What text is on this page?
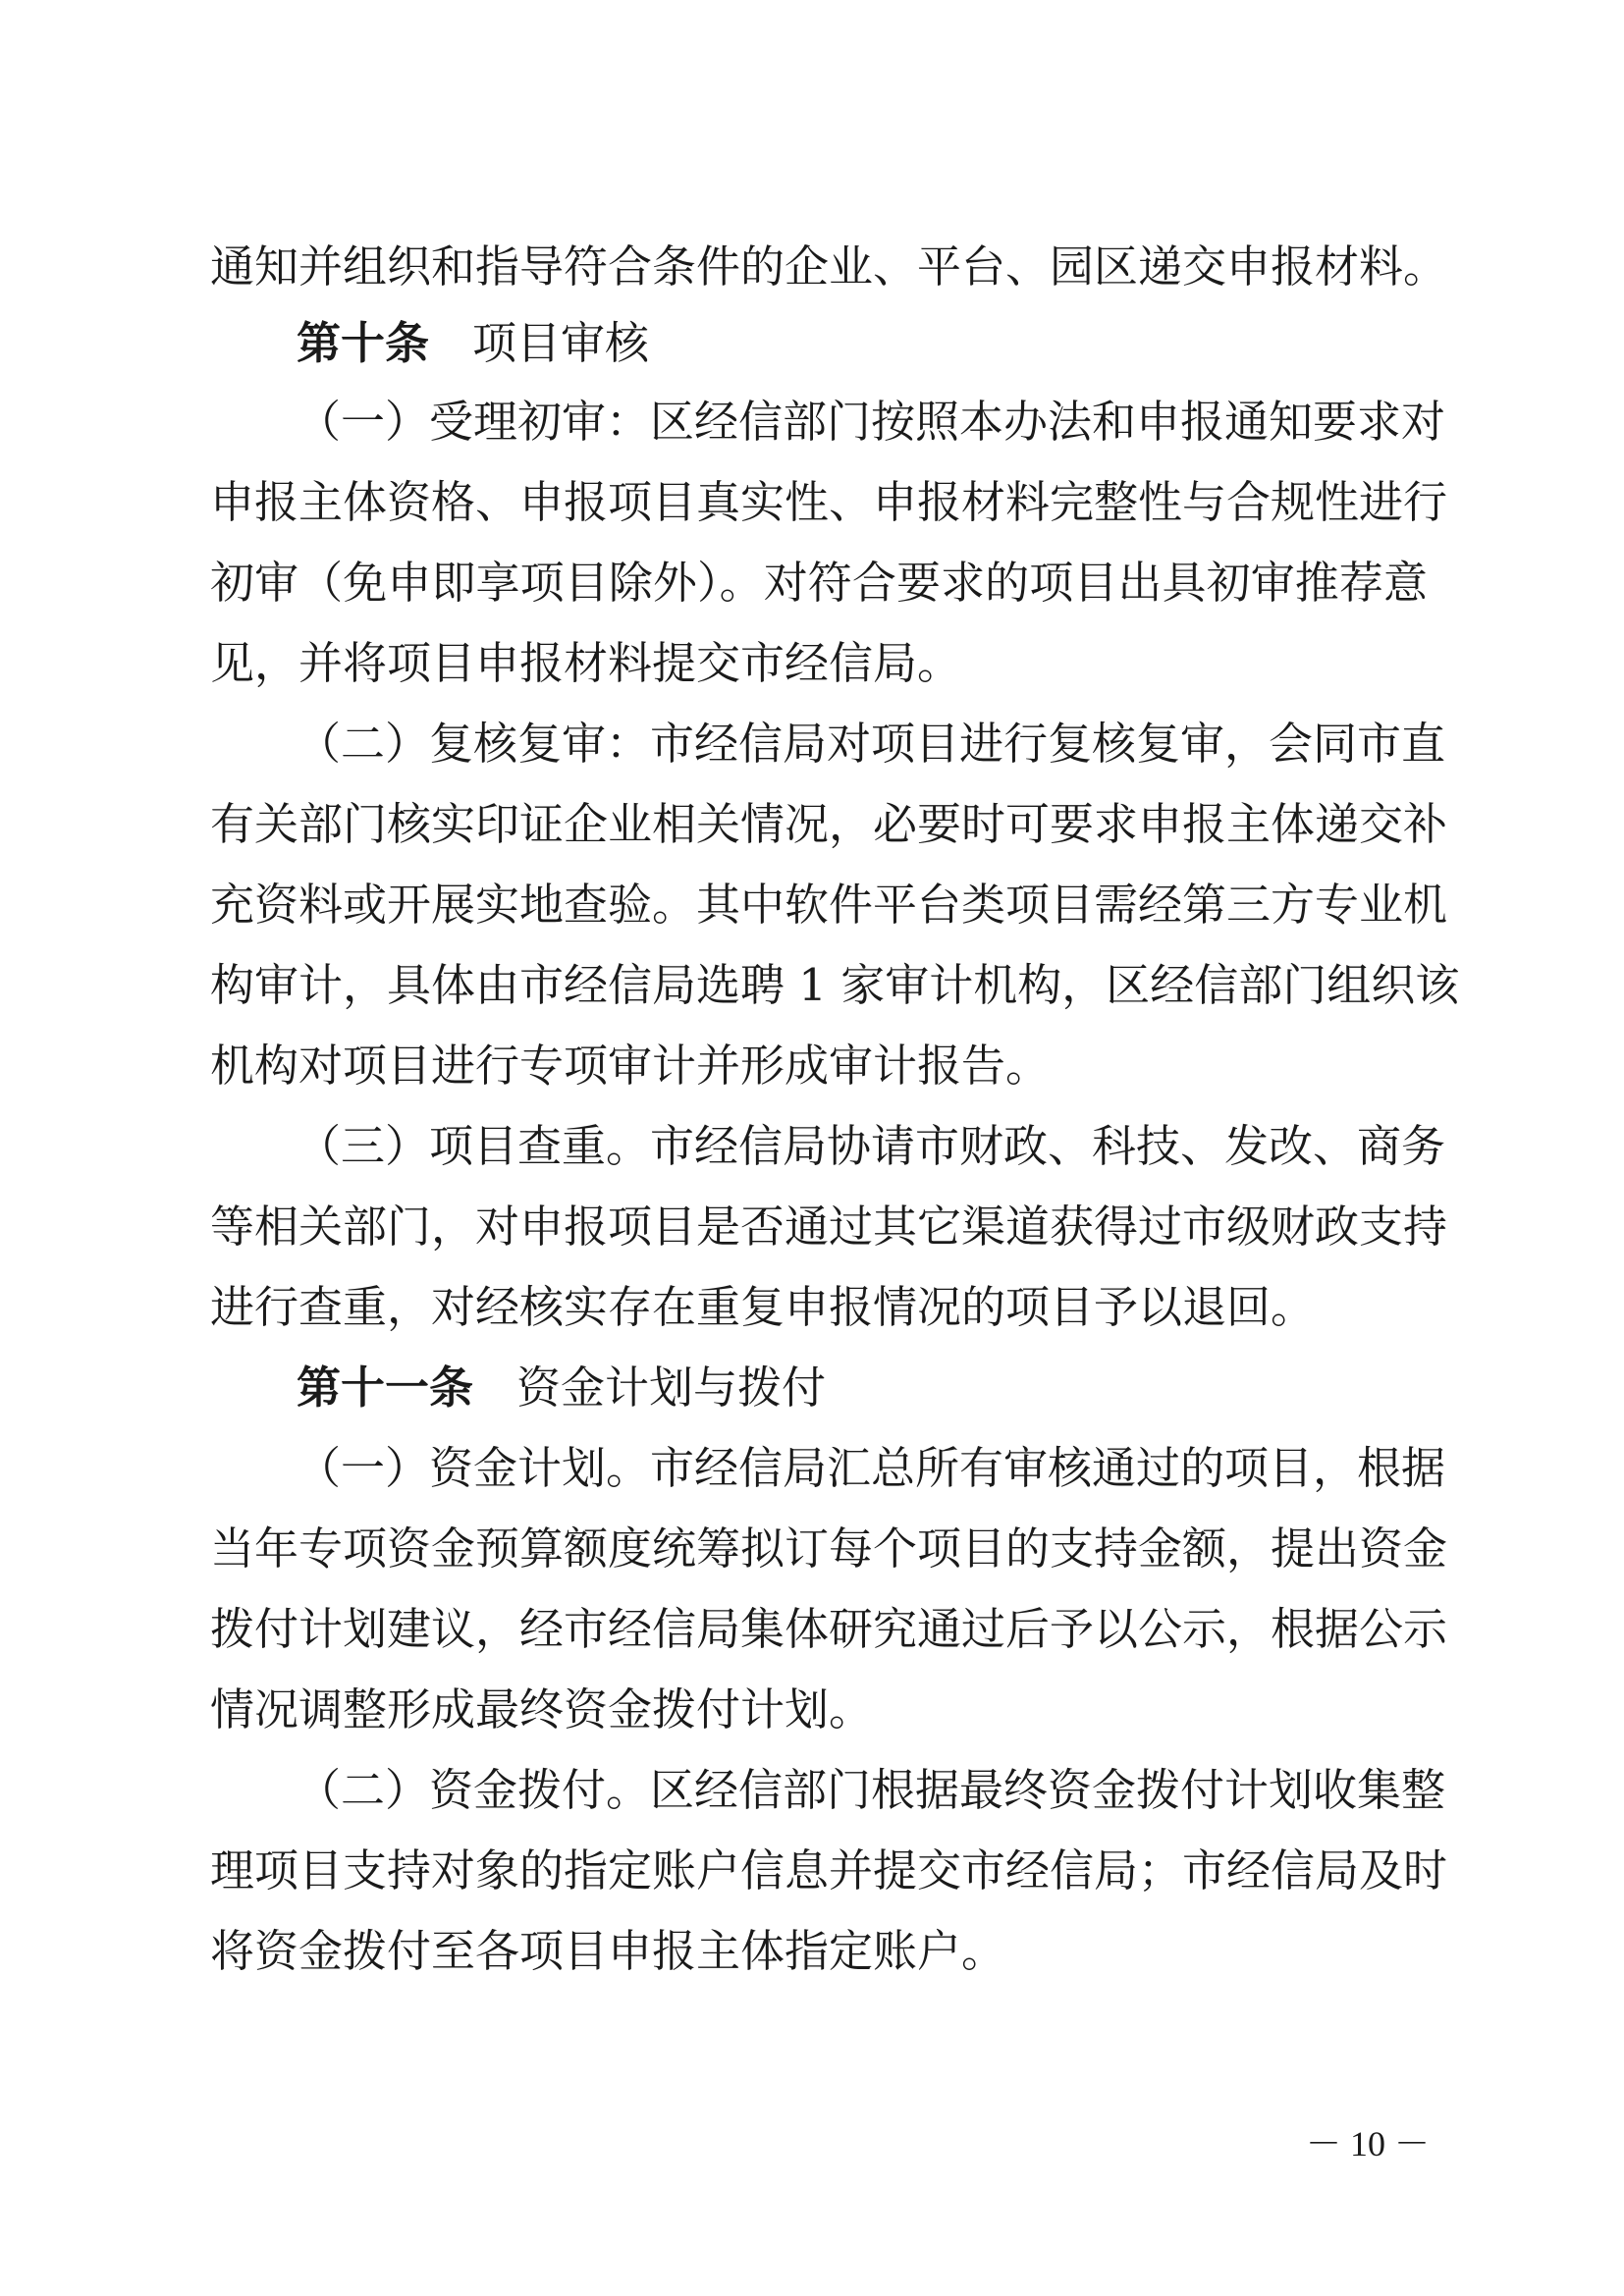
通知并组织和指导符合条件的企业、平台、园区递交申报材料。
第十条 项目审核
（一）受理初审：区经信部门按照本办法和申报通知要求对
申报主体资格、申报项目真实性、申报材料完整性与合规性进行
初审（免申即享项目除外）。对符合要求的项目出具初审推荐意
见，并将项目申报材料提交市经信局。
（二）复核复审：市经信局对项目进行复核复审，会同市直
有关部门核实印证企业相关情况，必要时可要求申报主体递交补
充资料或开展实地查验。其中软件平台类项目需经第三方专业机
构审计，具体由市经信局选聘 1 家审计机构，区经信部门组织该
机构对项目进行专项审计并形成审计报告。
（三）项目查重。市经信局协请市财政、科技、发改、商务
等相关部门，对申报项目是否通过其它渠道获得过市级财政支持
进行查重，对经核实存在重复申报情况的项目予以退回。
第十一条 资金计划与拨付
（一）资金计划。市经信局汇总所有审核通过的项目，根据
当年专项资金预算额度统筹拟订每个项目的支持金额，提出资金
拨付计划建议，经市经信局集体研究通过后予以公示，根据公示
情况调整形成最终资金拨付计划。
（二）资金拨付。区经信部门根据最终资金拨付计划收集整
理项目支持对象的指定账户信息并提交市经信局；市经信局及时
将资金拨付至各项目申报主体指定账户。
－ 10 －
